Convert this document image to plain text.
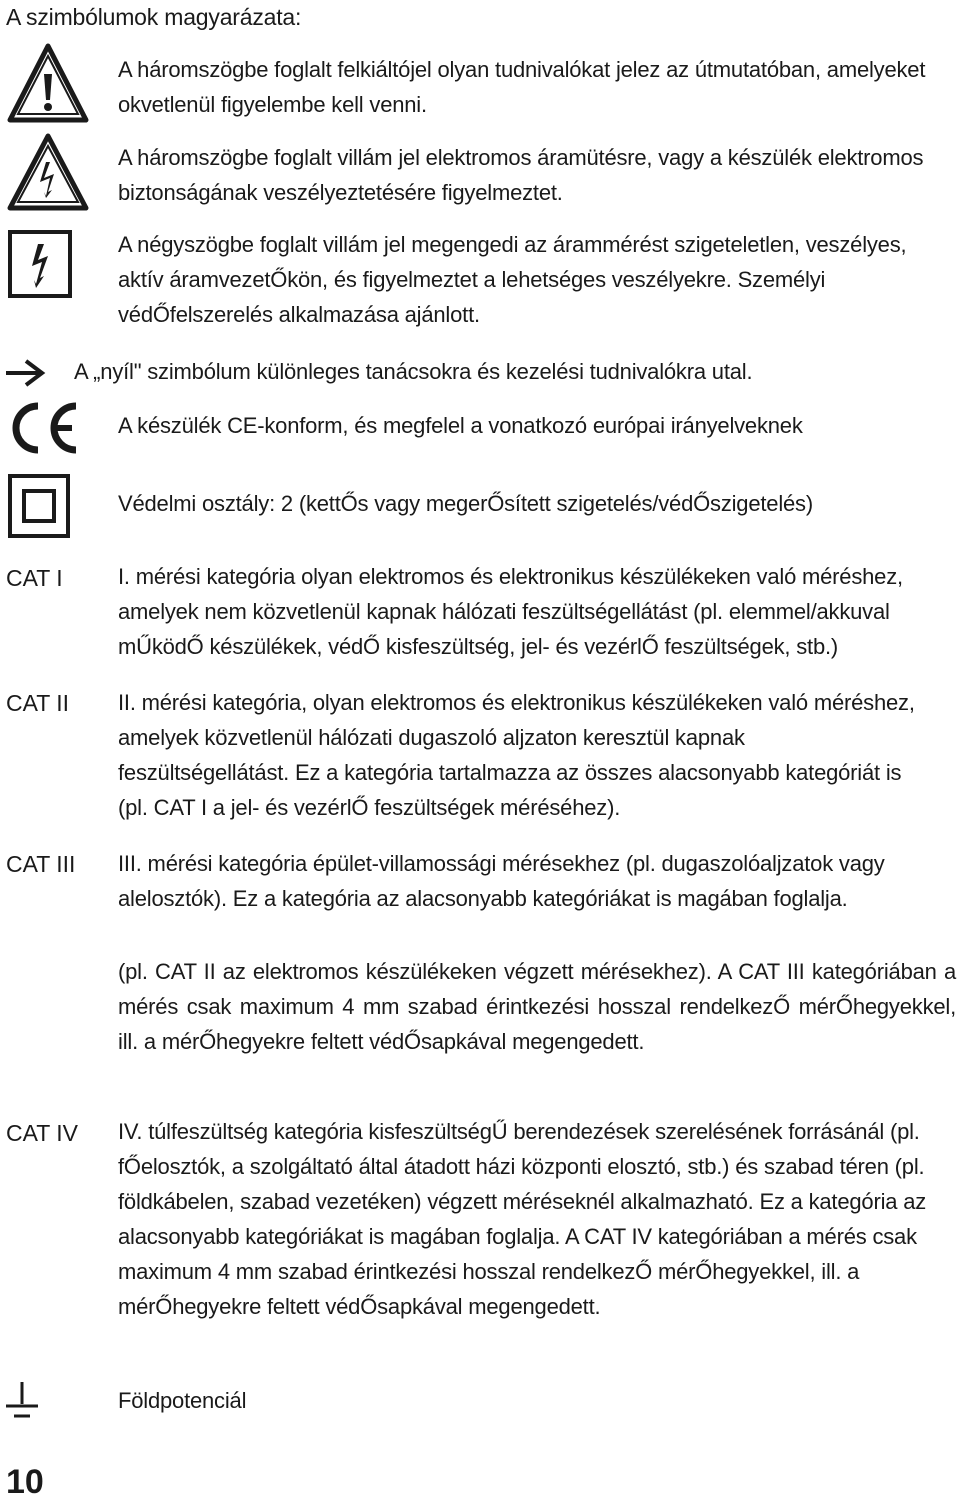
A szimbólumok magyarázata:
A háromszögbe foglalt felkiáltójel olyan tudnivalókat jelez az útmutatóban, amelyeket okvetlenül figyelembe kell venni.
A háromszögbe foglalt villám jel elektromos áramütésre, vagy a készülék elektromos biztonságának veszélyeztetésére figyelmeztet.
A négyszögbe foglalt villám jel megengedi az árammérést szigeteletlen, veszélyes, aktív áramvezetŐkön, és figyelmeztet a lehetséges veszélyekre. Személyi védŐfelszerelés alkalmazása ajánlott.
A „nyíl" szimbólum különleges tanácsokra és kezelési tudnivalókra utal.
A készülék CE-konform, és megfelel a vonatkozó európai irányelveknek
Védelmi osztály: 2 (kettŐs vagy megerŐsített szigetelés/védŐszigetelés)
CAT I	I. mérési kategória olyan elektromos és elektronikus készülékeken való méréshez, amelyek nem közvetlenül kapnak hálózati feszültségellátást (pl. elemmel/akkuval mŰködŐ készülékek, védŐ kisfeszültség, jel- és vezérlŐ feszültségek, stb.)
CAT II II. mérési kategória, olyan elektromos és elektronikus készülékeken való méréshez, amelyek közvetlenül hálózati dugaszoló aljzaton keresztül kapnak feszültségellátást. Ez a kategória tartalmazza az összes alacsonyabb kategóriát is (pl. CAT I a jel- és vezérlŐ feszültségek méréséhez).
CAT III III. mérési kategória épület-villamossági mérésekhez (pl. dugaszolóaljzatok vagy alelosztók). Ez a kategória az alacsonyabb kategóriákat is magában foglalja.
(pl. CAT II az elektromos készülékeken végzett mérésekhez). A CAT III kategóriában a mérés csak maximum 4 mm szabad érintkezési hosszal rendelkezŐ mérŐhegyekkel, ill. a mérŐhegyekre feltett védŐsapkával megengedett.
CAT IV IV. túlfeszültség kategória kisfeszültségŰ berendezések szerelésének forrásánál (pl. fŐelosztók, a szolgáltató által átadott házi központi elosztó, stb.) és szabad téren (pl. földkábelen, szabad vezetéken) végzett méréseknél alkalmazható. Ez a kategória az alacsonyabb kategóriákat is magában foglalja. A CAT IV kategóriában a mérés csak maximum 4 mm szabad érintkezési hosszal rendelkezŐ mérŐhegyekkel, ill. a mérŐhegyekre feltett védŐsapkával megengedett.
Földpotenciál
10
